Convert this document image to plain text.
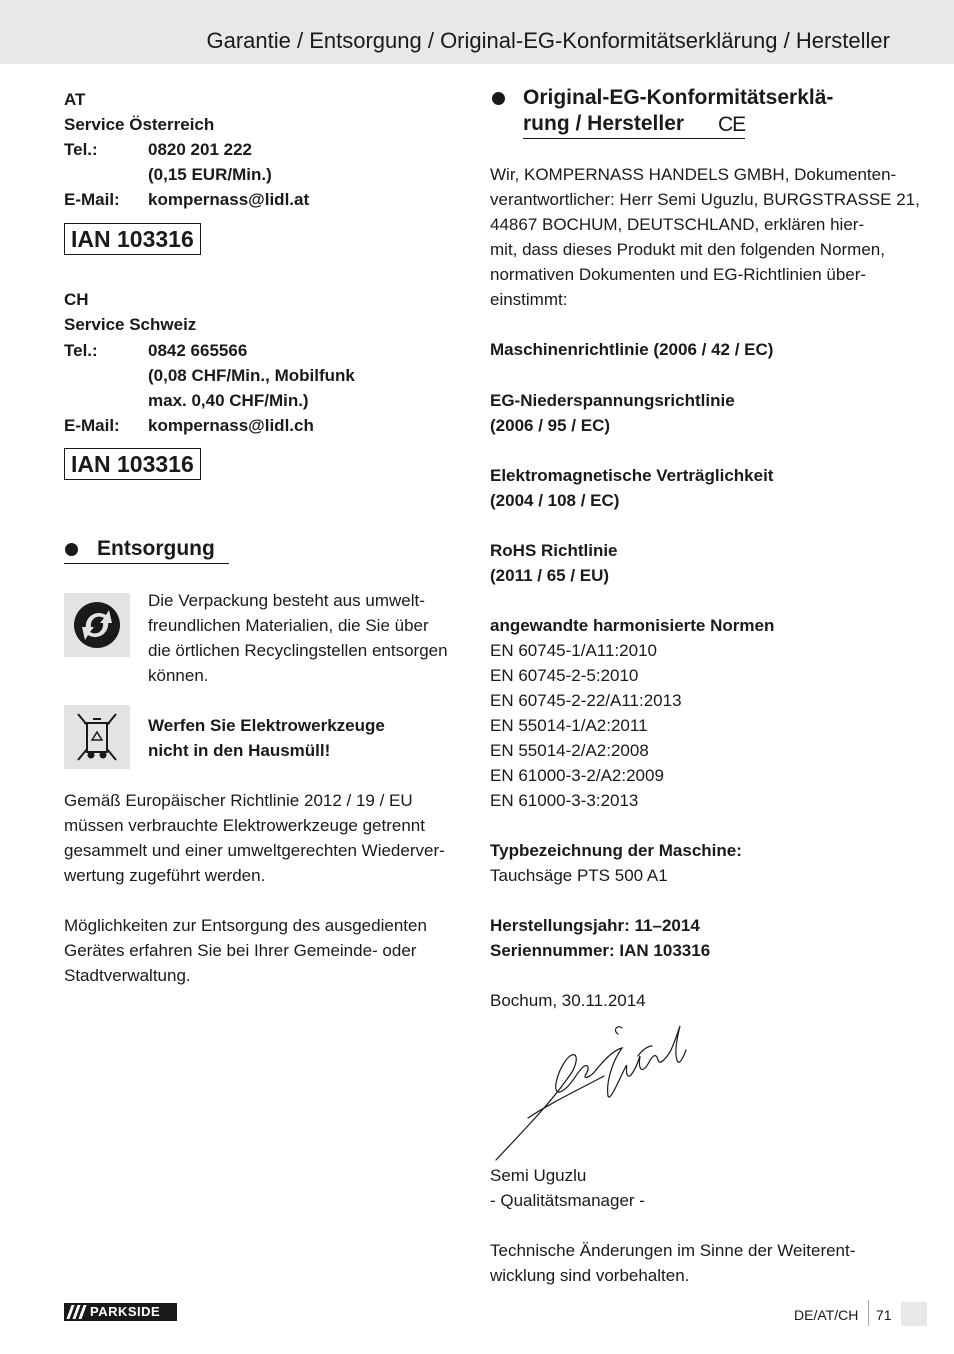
Garantie / Entsorgung / Original-EG-Konformitätserklärung / Hersteller
AT
Service Österreich
Tel.:	0820 201 222
(0,15 EUR/Min.)
E-Mail: kompernass@lidl.at
IAN 103316
CH
Service Schweiz
Tel.:	0842 665566
(0,08 CHF/Min., Mobilfunk
max. 0,40 CHF/Min.)
E-Mail: kompernass@lidl.ch
IAN 103316
Entsorgung
Die Verpackung besteht aus umwelt-
freundlichen Materialien, die Sie über
die örtlichen Recyclingstellen entsorgen
können.
Werfen Sie Elektrowerkzeuge
nicht in den Hausmüll!
Gemäß Europäischer Richtlinie 2012 / 19 / EU
müssen verbrauchte Elektrowerkzeuge getrennt
gesammelt und einer umweltgerechten Wiederver-
wertung zugeführt werden.
Möglichkeiten zur Entsorgung des ausgedienten
Gerätes erfahren Sie bei Ihrer Gemeinde- oder
Stadtverwaltung.
Original-EG-Konformitätserklä-
rung / Hersteller CE
Wir, KOMPERNASS HANDELS GMBH, Dokumenten-
verantwortlicher: Herr Semi Uguzlu, BURGSTRASSE 21,
44867 BOCHUM, DEUTSCHLAND, erklären hier-
mit, dass dieses Produkt mit den folgenden Normen,
normativen Dokumenten und EG-Richtlinien über-
einstimmt:
Maschinenrichtlinie (2006 / 42 / EC)
EG-Niederspannungsrichtlinie
(2006 / 95 / EC)
Elektromagnetische Verträglichkeit
(2004 / 108 / EC)
RoHS Richtlinie
(2011 / 65 / EU)
angewandte harmonisierte Normen
EN 60745-1/A11:2010
EN 60745-2-5:2010
EN 60745-2-22/A11:2013
EN 55014-1/A2:2011
EN 55014-2/A2:2008
EN 61000-3-2/A2:2009
EN 61000-3-3:2013
Typbezeichnung der Maschine:
Tauchsäge PTS 500 A1
Herstellungsjahr: 11–2014
Seriennummer: IAN 103316
Bochum, 30.11.2014
Semi Uguzlu
- Qualitätsmanager -
Technische Änderungen im Sinne der Weiterent-
wicklung sind vorbehalten.
PARKSIDE	DE/AT/CH 71
